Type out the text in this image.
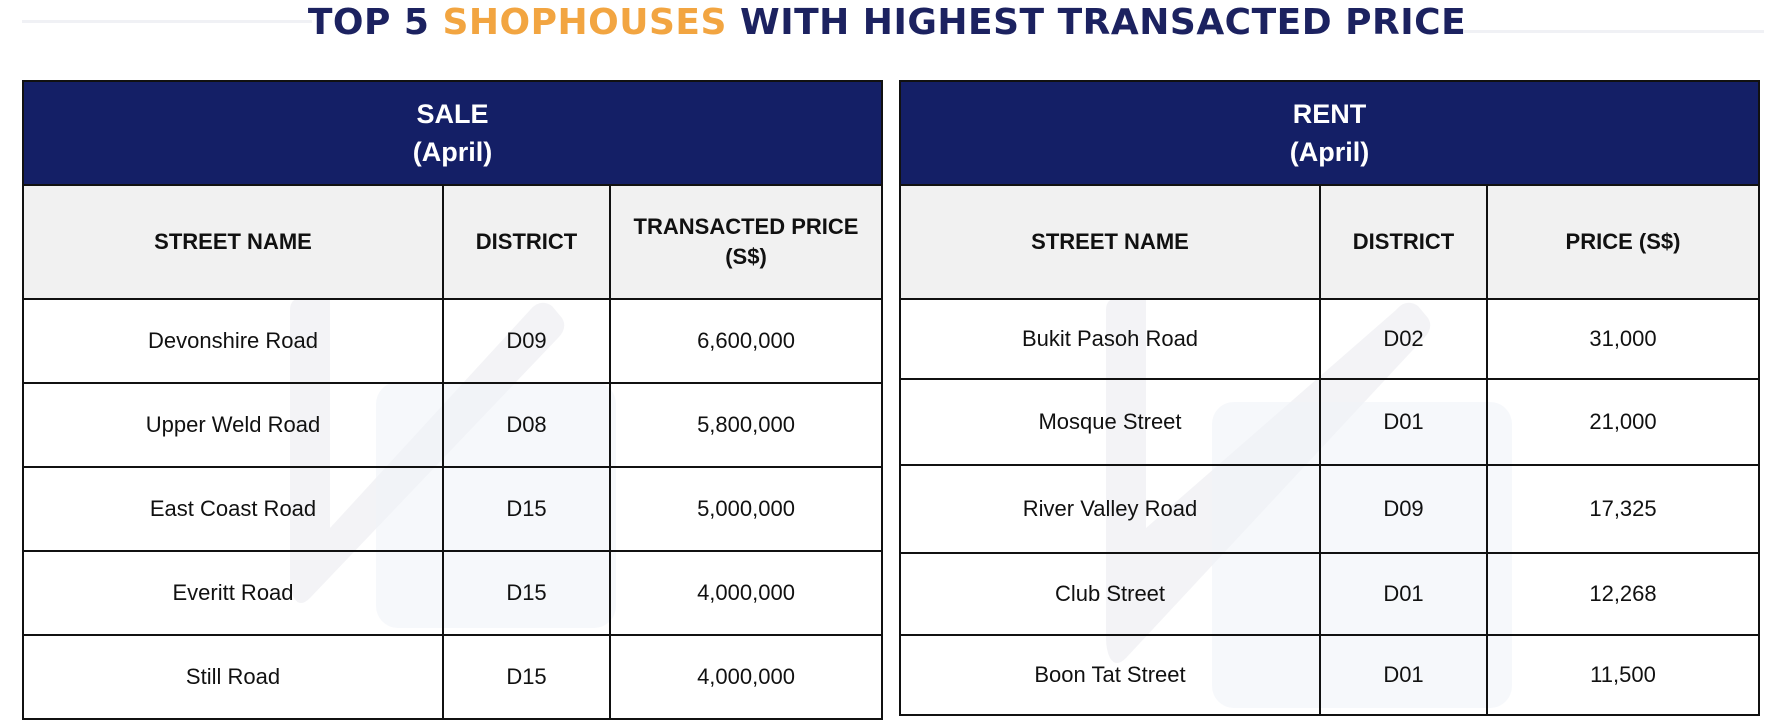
TOP 5 SHOPHOUSES WITH HIGHEST TRANSACTED PRICE
SALE
(April)		

STREET NAME	DISTRICT	TRANSACTED PRICE
(S$)
Devonshire Road	D09	6,600,000
Upper Weld Road	D08	5,800,000
East Coast Road	D15	5,000,000
Everitt Road	D15	4,000,000
Still Road	D15	4,000,000
RENT
(April)		

STREET NAME	DISTRICT	PRICE (S$)
Bukit Pasoh Road	D02	31,000
Mosque Street	D01	21,000
River Valley Road	D09	17,325
Club Street	D01	12,268
Boon Tat Street	D01	11,500
